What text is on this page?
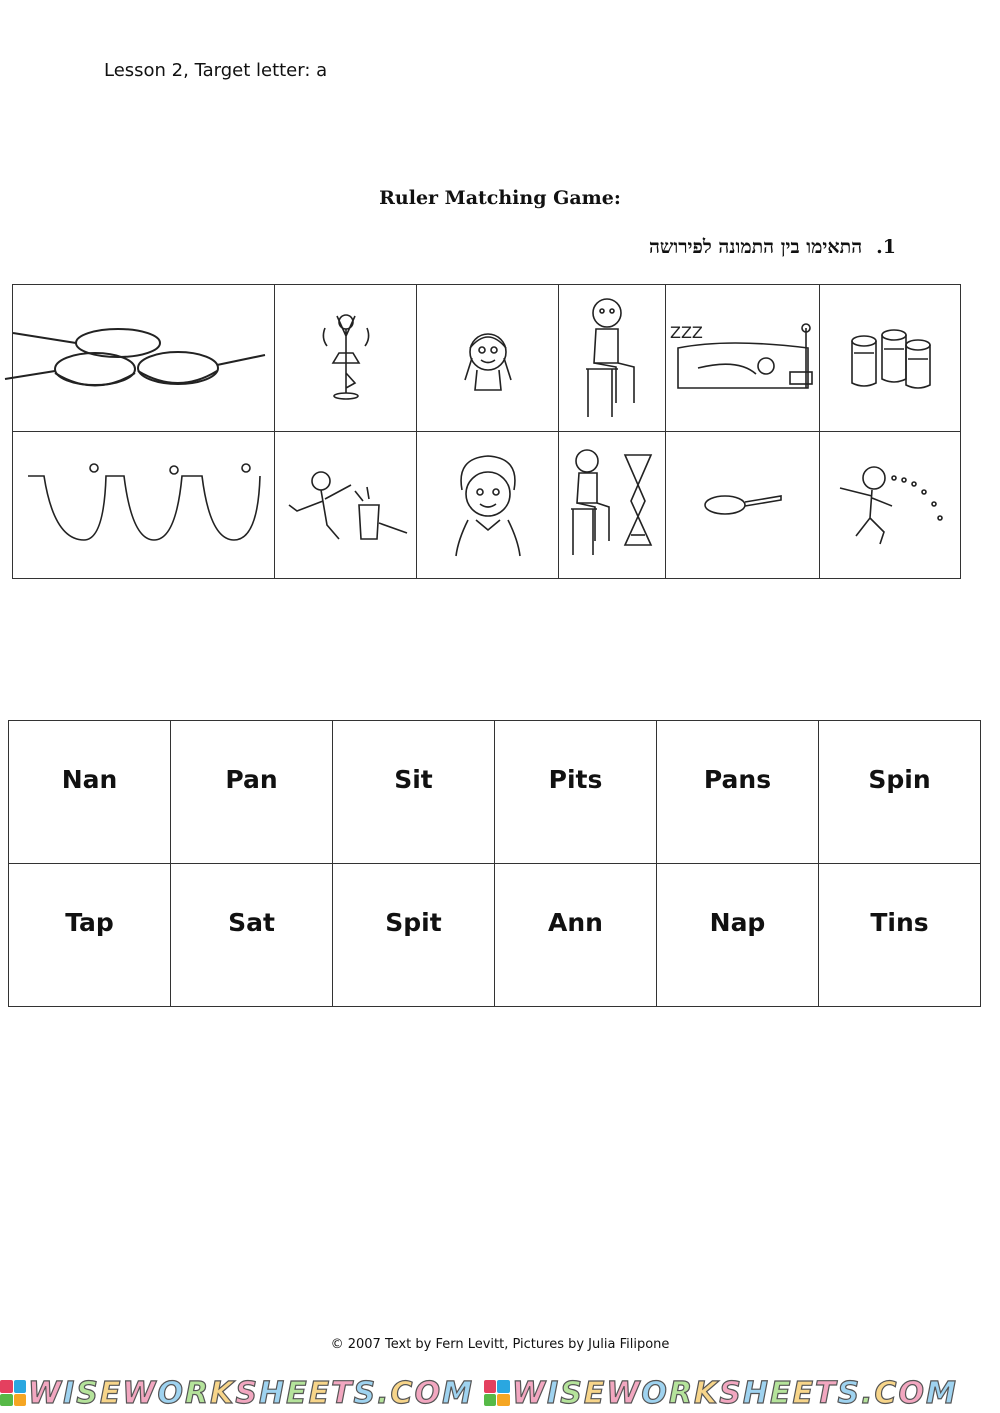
Lesson 2, Target letter: a
Ruler Matching Game:
1.
התאימו בין התמונה לפירושה

ZZZ

Nan	Pan	Sit	Pits	Pans	Spin

Tap	Sat	Spit	Ann	Nap	Tins
© 2007 Text by Fern Levitt, Pictures by Julia Filipone
WISEWORKSHEETS.COM WISEWORKSHEETS.COM
